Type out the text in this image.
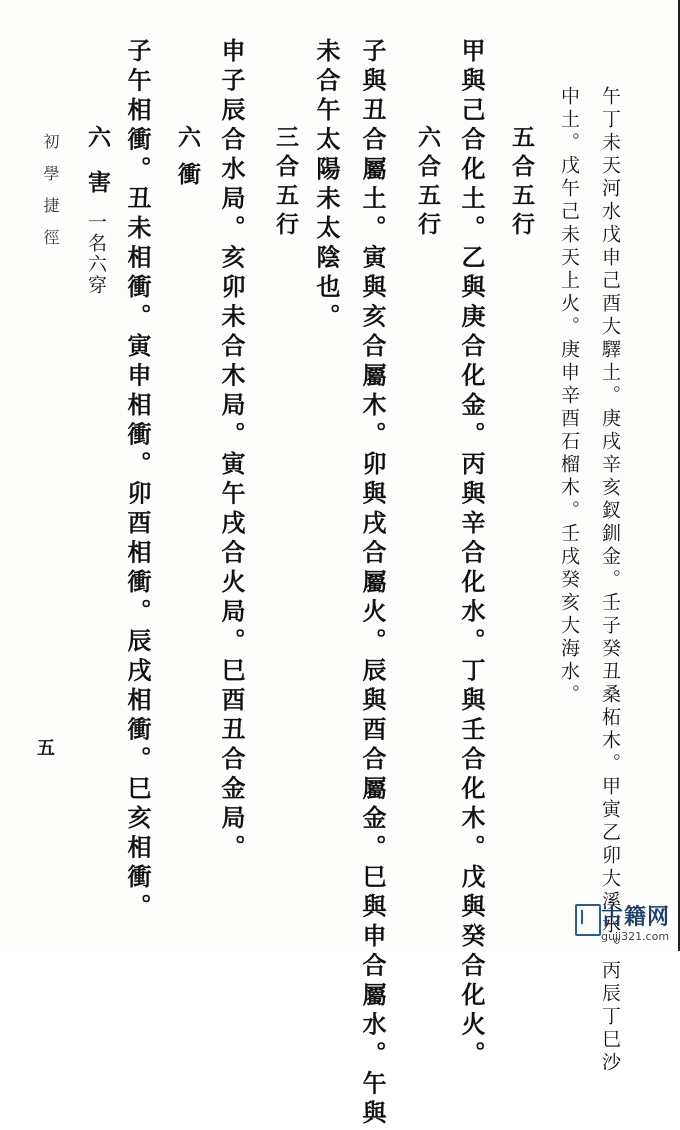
午丁未天河水戊申己酉大驛土。庚戌辛亥釵釧金。壬子癸丑桑柘木。甲寅乙卯大溪水。丙辰丁巳沙
中土。戊午己未天上火。庚申辛酉石榴木。壬戌癸亥大海水。
五合五行
甲與己合化土。乙與庚合化金。丙與辛合化水。丁與壬合化木。戊與癸合化火。
六合五行
子與丑合屬土。寅與亥合屬木。卯與戌合屬火。辰與酉合屬金。巳與申合屬水。午與
未合午太陽未太陰也。
三合五行
申子辰合水局。亥卯未合木局。寅午戌合火局。巳酉丑合金局。
六衝
子午相衝。丑未相衝。寅申相衝。卯酉相衝。辰戌相衝。巳亥相衝。
六害
一名六穿
初學捷徑
五
古籍网
guji321.com
